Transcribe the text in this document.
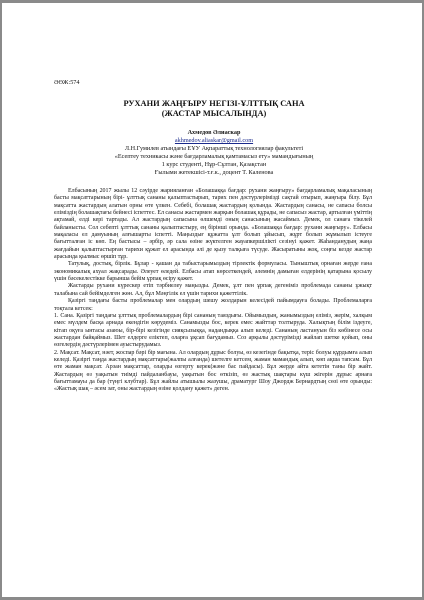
ӘӨЖ:574
РУХАНИ ЖАҢҒЫРУ НЕГІЗІ-ҰЛТТЫҚ САНА
(ЖАСТАР МЫСАЛЫНДА)
Ахмедов Әлиаскар
akhmedov.aliaskar@gmail.com
Л.Н.Гумилев атындағы ЕҰУ Ақпараттық технологиялар факультеті
«Есептеу техникасы және бағдарламалық қамтамасыз ету» мамандығының
1 курс студенті, Нұр-Сұлтан, Қазақстан
Ғылыми жетекшісі-т.ғ.к., доцент Т. Каленова

Елбасының 2017 жылы 12 сәуірде жарияланған «Болашаққа бағдар: рухани жаңғыру» бағдарламалық мақаласының басты мақсаттарының бірі- ұлттық сананы қалыптастырып, тарих пен дәстүрлерімізді сақтай отырып, жаңғыра білу. Бұл мақсатта жастардың алатын орны өте үлкен. Себебі, болашақ жастардың қолында. Жастардың санасы, не сапасы болсы еліміздің болашақтағы бейнесі іспеттес. Ел санасы жастармен жарқын болашақ құрады, не сапасыз жастар, артылған үміттің ақтамай, елді кері тартады. Ал жастардың сапасына өлшемді оның санасының жасаймыз. Демек, ол санаға тікелей байланысты. Сол себепті ұлттық сананы қалыптастыру, ең бірінші орында. «Болашаққа бағдар: рухани жаңғыру». Елбасы мақаласы ел дамуының алғышарты іспетті. Маңыздығ құжатта ұлт болып ұйысып, жұрт болып жұмылып істеуге бағытталған іс көп. Ең бастысы – әрбір, әр сала өзіне жүктелген жауапкершілікті сезінуі қажет. Жаһанданудың жаңа жағдайын қалыптастырған тарихи құжат ел арасында әлі де қызу талқыға түсуде. Жасыратыны жоқ, соңғы кезде жастар арасында қылмыс өршіп тұр.

Татулық, достық, бірлік. Бұлар - қашан да табыстарымыздың тірлектік формуласы. Тыныштық орнаған жерде ғана экономикалық ахуал жақсарады. Әлеует өледей. Елбасы атап көрсеткендей, әлемнің дамыған елдерінің қатарына қосылу үшін бәсекелестікке барынша бейім ұрпақ өсіру қажет.

Жастарды рухани күрескер етіп тәрбиелеу маңызды. Демек, ұлт пен ұрпақ дегеніміз проблемада сананы ұжықт талабына сай бейімделген жөн. Ал, бұл Мәңгілік ел үшін тарихи қажеттілік.

Қазіргі таңдағы басты проблемалар мен олардың шешу жолдарын келесідей пайымдауға болады. Проблемаларға тоқтала кетсек:

1. Сана. Қазіргі таңдағы ұлттық проблемалардың бірі сананың таяздығы. Ойымыздың, жанымыздың еліміз, жерім, халқым емес мүлдем басқа арнада екендігін көрудеміз. Санамызды бос, керек емес жайттар толтыруда. Халықтың білім іздеуге, кітап оқуға ынтасы азаюы, бір-бірі кезігінде сияқсызыққа, надандыққа алып келеді. Сананың ластануын біз көбінесе осы жастардан байқаймыз. Шет елдерге еліктеп, оларға ұқсап бағудамыз. Соз арқылы дәстүрімізді жайлап шетке қойып, оны өзгелердің дәстүрлерімен ауыстырудамыз.

2. Мақсат. Мақсат, нәет, жоспар бәрі бір мағына. Ал олардың дұрыс болуы, өз кезегінде бақытқа, теріс болуы құрдымға алып келеді. Қазіргі таңда жастардың мақсаттары(жалпы алғанда) шетелге кетсем, жаман мамандық алып, көп ақша тапсам. Бұл өте жаман мақсат. Арзан мақсаттар, оларды өзгерту керек(және бас пайдасы). Бұл жерде айта кететін таны бір жайт. Жастардың өз уақытын тиімді пайдаланбауы, уақытын бос өткізіп, өз жастық шақтары күш жігерін дұрыс арнаға бағыттамауы да бар (түңгі клубтар). Бұл жайлы атышылы жазушы, драматург Шоу Джордж Бернардтың сөзі өте орынды: «Жастық шақ – әсем зат, оны жастардың өзіне қолдану қажет» деген.
